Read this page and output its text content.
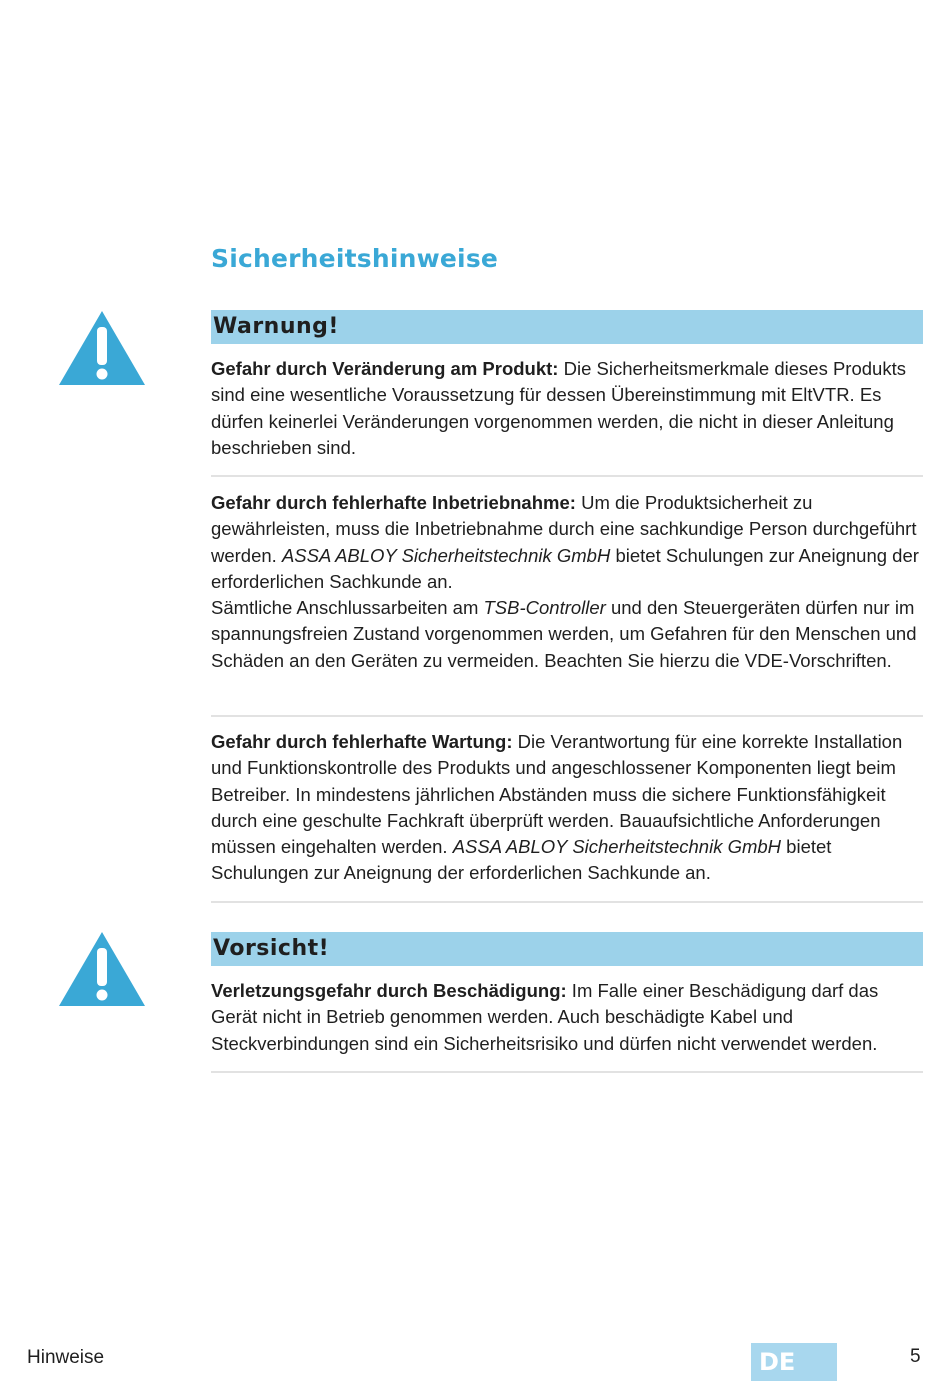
Sicherheitshinweise
Warnung!

Gefahr durch Veränderung am Produkt: Die Sicherheitsmerkmale dieses Produkts sind eine wesentliche Voraussetzung für dessen Übereinstimmung mit EltVTR. Es dürfen keinerlei Veränderungen vorgenommen werden, die nicht in dieser Anleitung beschrieben sind.

Gefahr durch fehlerhafte Inbetriebnahme: Um die Produktsicherheit zu gewährleisten, muss die Inbetriebnahme durch eine sachkundige Person durchgeführt werden. ASSA ABLOY Sicherheitstechnik GmbH bietet Schulungen zur Aneignung der erforderlichen Sachkunde an.
Sämtliche Anschlussarbeiten am TSB-Controller und den Steuergeräten dürfen nur im spannungsfreien Zustand vorgenommen werden, um Gefahren für den Menschen und Schäden an den Geräten zu vermeiden. Beachten Sie hierzu die VDE-Vorschriften.

Gefahr durch fehlerhafte Wartung: Die Verantwortung für eine korrekte Installation und Funktionskontrolle des Produkts und angeschlossener Komponenten liegt beim Betreiber. In mindestens jährlichen Abständen muss die sichere Funktionsfähigkeit durch eine geschulte Fachkraft überprüft werden. Bauaufsichtliche Anforderungen müssen eingehalten werden. ASSA ABLOY Sicherheitstechnik GmbH bietet Schulungen zur Aneignung der erforderlichen Sachkunde an.

Vorsicht!

Verletzungsgefahr durch Beschädigung: Im Falle einer Beschädigung darf das Gerät nicht in Betrieb genommen werden. Auch beschädigte Kabel und Steckverbindungen sind ein Sicherheitsrisiko und dürfen nicht verwendet werden.

Hinweise	DE	5
